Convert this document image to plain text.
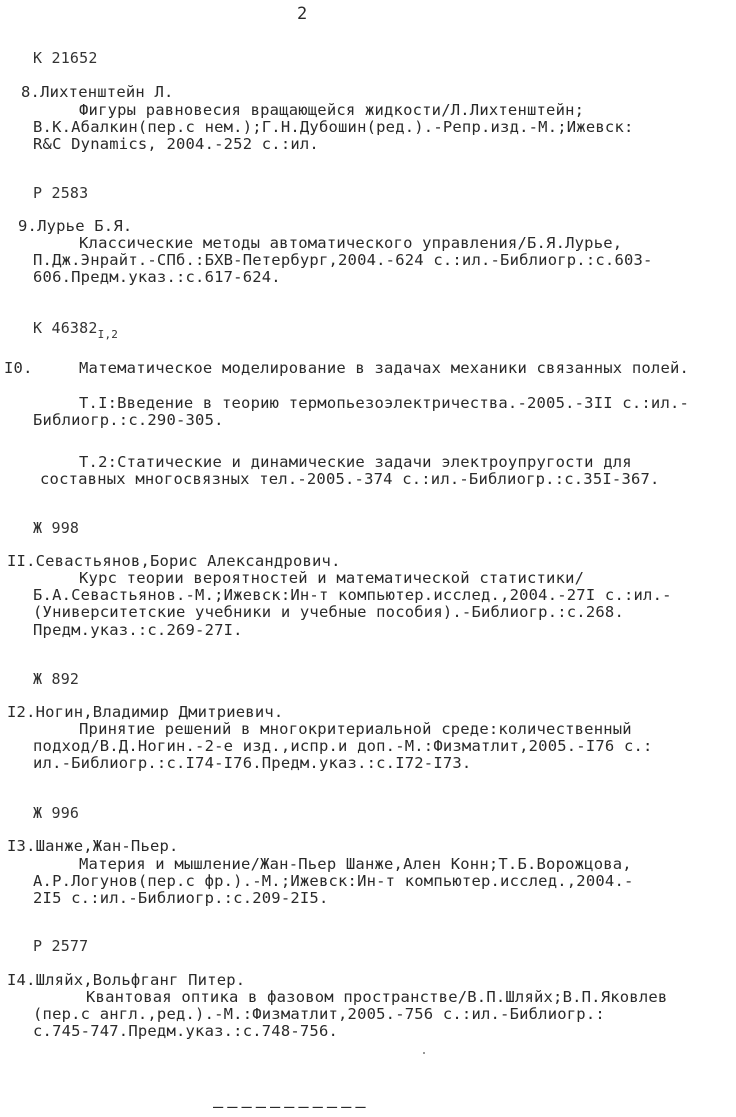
2
К 21652
8.Лихтенштейн Л.
Фигуры равновесия вращающейся жидкости/Л.Лихтенштейн;
В.К.Абалкин(пер.с нем.);Г.Н.Дубошин(ред.).-Репр.изд.-М.;Ижевск:
R&C Dynamics, 2004.-252 с.:ил.
Р 2583
9.Лурье Б.Я.
Классические методы автоматического управления/Б.Я.Лурье,
П.Дж.Энрайт.-СПб.:БХВ-Петербург,2004.-624 с.:ил.-Библиогр.:с.603-
606.Предм.указ.:с.617-624.
К $46382_{I,2}$
I0.	Математическое моделирование в задачах механики связанных полей.
Т.I:Введение в теорию термопьезоэлектричества.-2005.-3II с.:ил.-
Библиогр.:с.290-305.
Т.2:Статические и динамические задачи электроупругости для
составных многосвязных тел.-2005.-374 с.:ил.-Библиогр.:с.35I-367.
Ж 998
II.Севастьянов,Борис Александрович.
Курс теории вероятностей и математической статистики/
Б.А.Севастьянов.-М.;Ижевск:Ин-т компьютер.исслед.,2004.-27I с.:ил.-
(Университетские учебники и учебные пособия).-Библиогр.:с.268.
Предм.указ.:с.269-27I.
Ж 892
I2.Ногин,Владимир Дмитриевич.
Принятие решений в многокритериальной среде:количественный
подход/В.Д.Ногин.-2-е изд.,испр.и доп.-М.:Физматлит,2005.-I76 с.:
ил.-Библиогр.:с.I74-I76.Предм.указ.:с.I72-I73.
Ж 996
I3.Шанже,Жан-Пьер.
Материя и мышление/Жан-Пьер Шанже,Ален Конн;Т.Б.Ворожцова,
А.Р.Логунов(пер.с фр.).-М.;Ижевск:Ин-т компьютер.исслед.,2004.-
2I5 с.:ил.-Библиогр.:с.209-2I5.
Р 2577
I4.Шляйх,Вольфганг Питер.
Квантовая оптика в фазовом пространстве/В.П.Шляйх;В.П.Яковлев
(пер.с англ.,ред.).-М.:Физматлит,2005.-756 с.:ил.-Библиогр.:
с.745-747.Предм.указ.:с.748-756.
———————————
